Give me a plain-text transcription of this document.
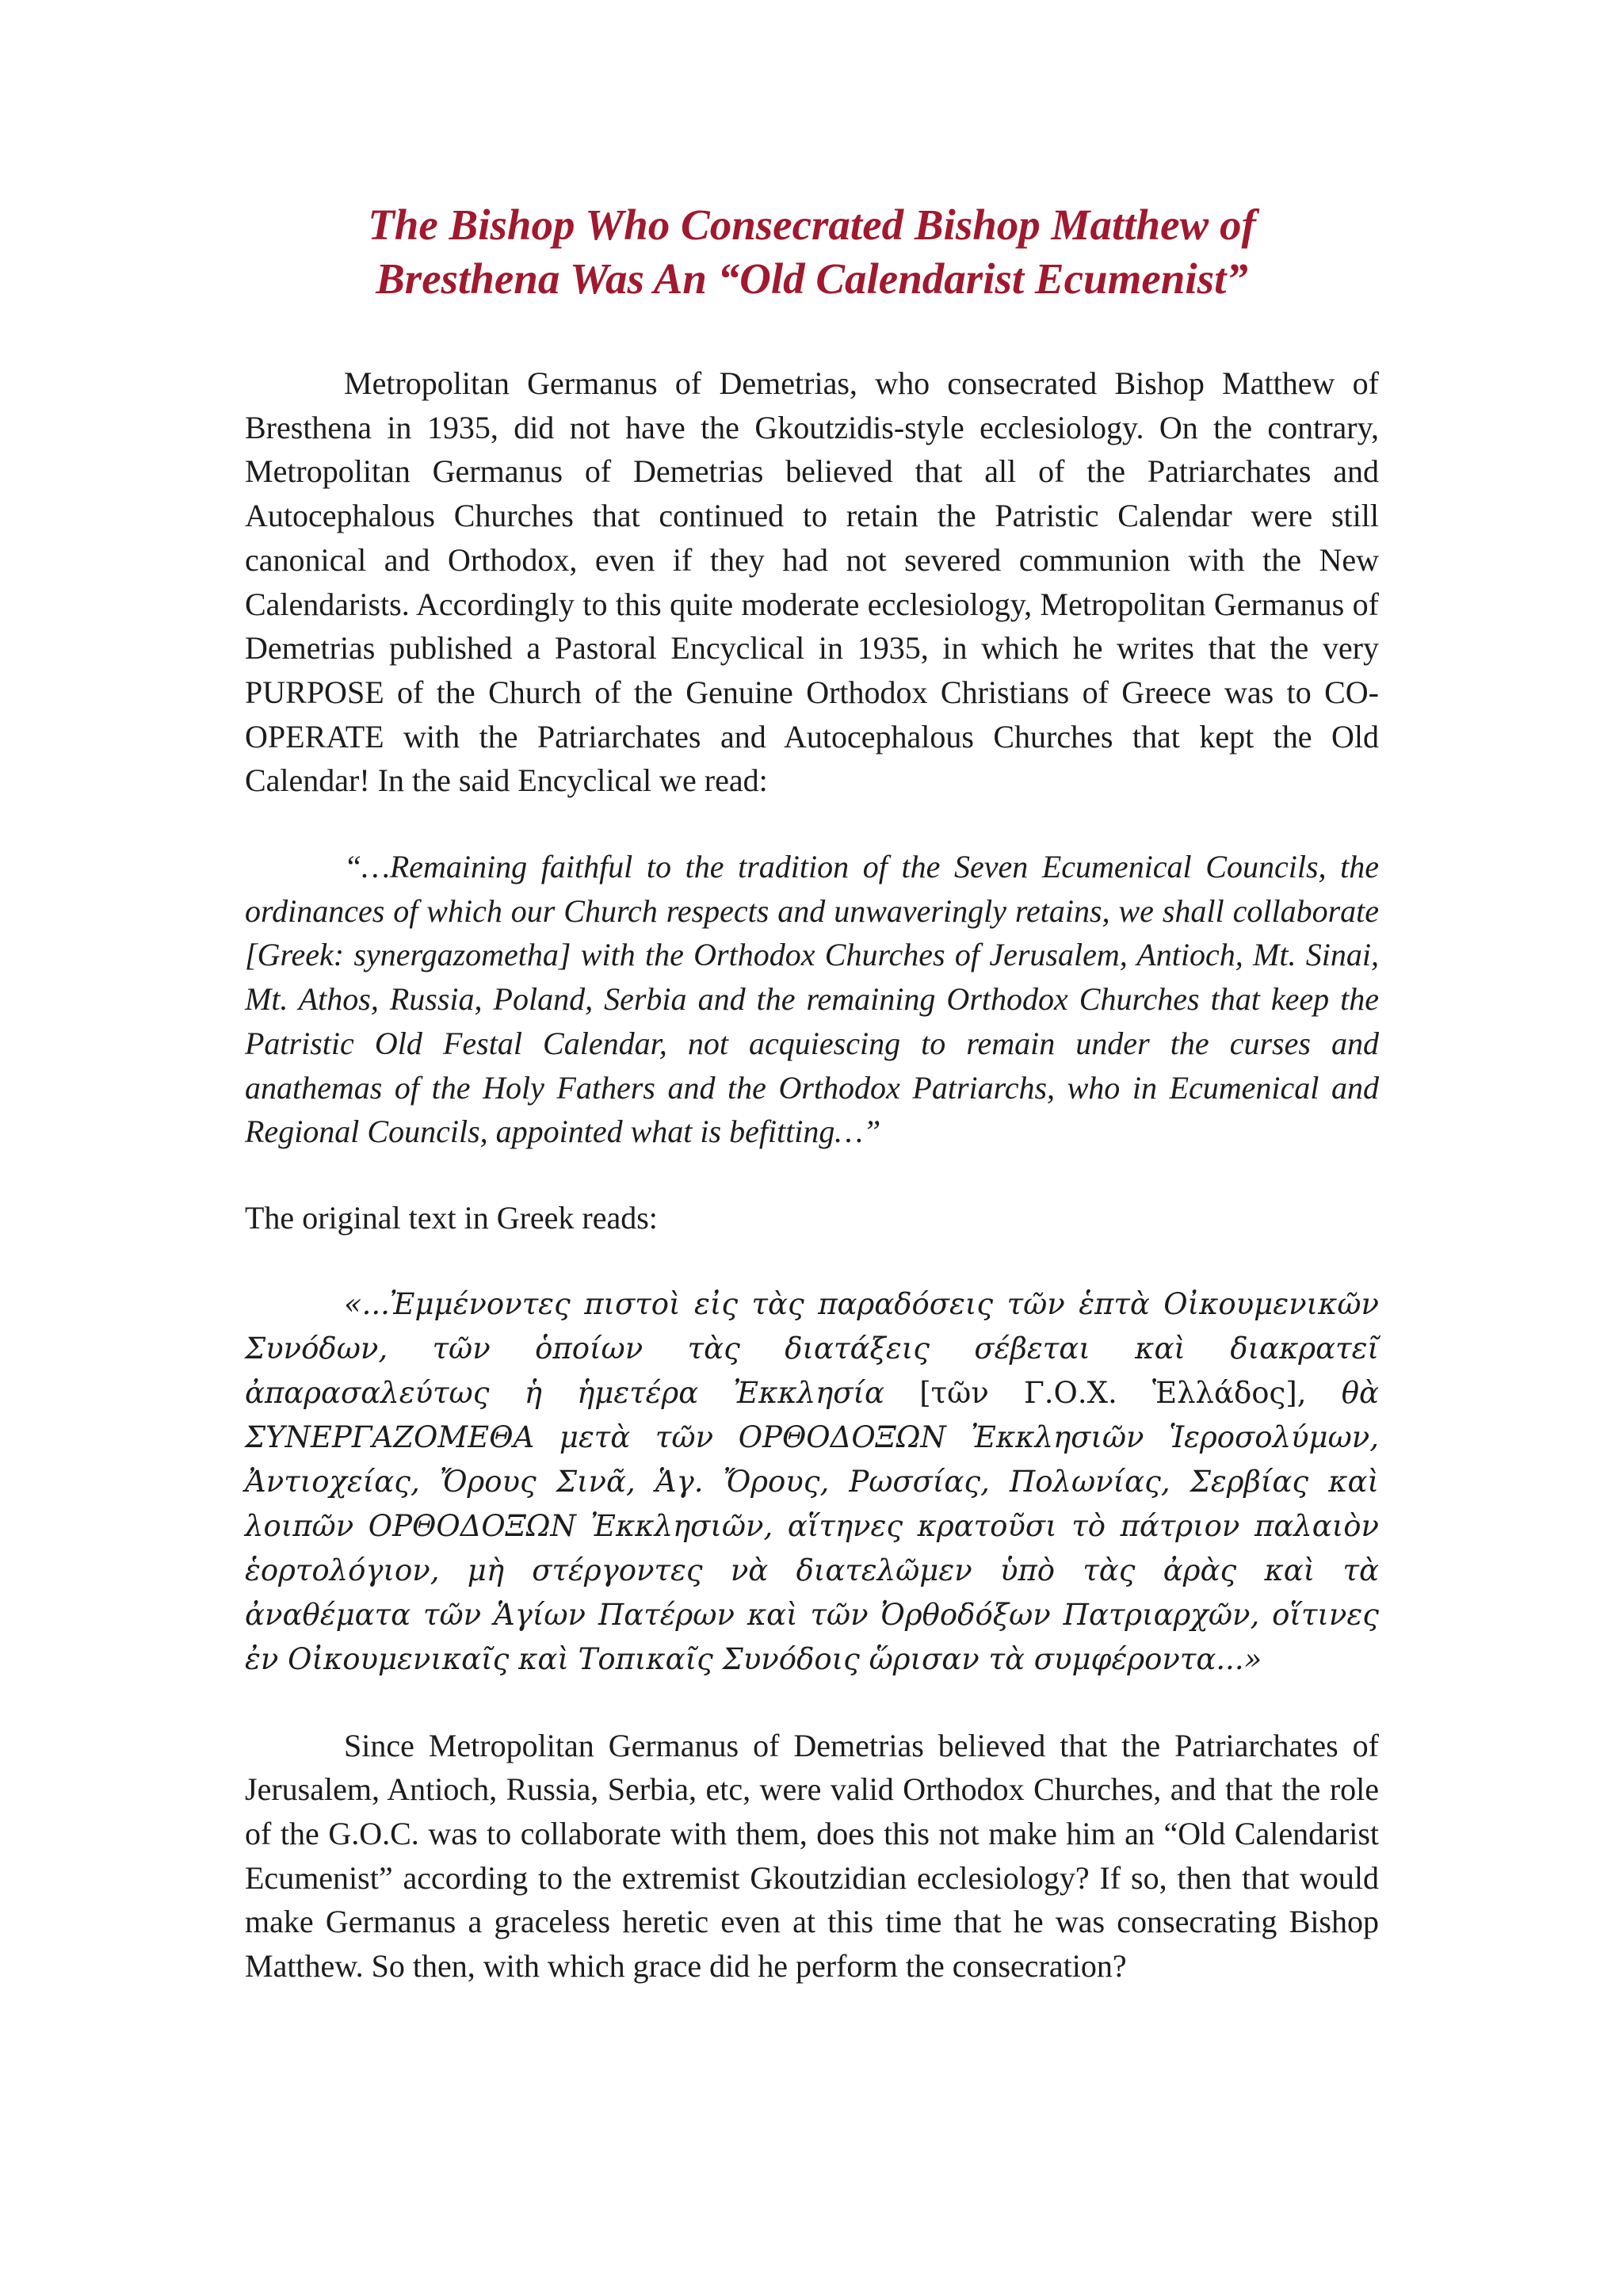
The Bishop Who Consecrated Bishop Matthew of
Bresthena Was An “Old Calendarist Ecumenist”

Metropolitan Germanus of Demetrias, who consecrated Bishop Matthew of Bresthena in 1935, did not have the Gkoutzidis-style ecclesiology. On the contrary, Metropolitan Germanus of Demetrias believed that all of the Patriarchates and Autocephalous Churches that continued to retain the Patristic Calendar were still canonical and Orthodox, even if they had not severed communion with the New Calendarists. Accordingly to this quite moderate ecclesiology, Metropolitan Germanus of Demetrias published a Pastoral Encyclical in 1935, in which he writes that the very PURPOSE of the Church of the Genuine Orthodox Christians of Greece was to CO-OPERATE with the Patriarchates and Autocephalous Churches that kept the Old Calendar! In the said Encyclical we read:

“…Remaining faithful to the tradition of the Seven Ecumenical Councils, the ordinances of which our Church respects and unwaveringly retains, we shall collaborate [Greek: synergazometha] with the Orthodox Churches of Jerusalem, Antioch, Mt. Sinai, Mt. Athos, Russia, Poland, Serbia and the remaining Orthodox Churches that keep the Patristic Old Festal Calendar, not acquiescing to remain under the curses and anathemas of the Holy Fathers and the Orthodox Patriarchs, who in Ecumenical and Regional Councils, appointed what is befitting…”

The original text in Greek reads:

«...Ἐμμένοντες πιστοὶ εἰς τὰς παραδόσεις τῶν ἑπτὰ Οἰκουμενικῶν Συνόδων, τῶν ὁποίων τὰς διατάξεις σέβεται καὶ διακρατεῖ ἀπαρασαλεύτως ἡ ἡμετέρα Ἐκκλησία [τῶν Γ.Ο.Χ. Ἑλλάδος], θὰ ΣΥΝΕΡΓΑΖΟΜΕΘΑ μετὰ τῶν ΟΡΘΟΔΟΞΩΝ Ἐκκλησιῶν Ἱεροσολύμων, Ἀντιοχείας, Ὄρους Σινᾶ, Ἁγ. Ὄρους, Ρωσσίας, Πολωνίας, Σερβίας καὶ λοιπῶν ΟΡΘΟΔΟΞΩΝ Ἐκκλησιῶν, αἵτηνες κρατοῦσι τὸ πάτριον παλαιὸν ἑορτολόγιον, μὴ στέργοντες νὰ διατελῶμεν ὑπὸ τὰς ἀρὰς καὶ τὰ ἀναθέματα τῶν Ἁγίων Πατέρων καὶ τῶν Ὀρθοδόξων Πατριαρχῶν, οἵτινες ἐν Οἰκουμενικαῖς καὶ Τοπικαῖς Συνόδοις ὥρισαν τὰ συμφέροντα...»

Since Metropolitan Germanus of Demetrias believed that the Patriarchates of Jerusalem, Antioch, Russia, Serbia, etc, were valid Orthodox Churches, and that the role of the G.O.C. was to collaborate with them, does this not make him an “Old Calendarist Ecumenist” according to the extremist Gkoutzidian ecclesiology? If so, then that would make Germanus a graceless heretic even at this time that he was consecrating Bishop Matthew. So then, with which grace did he perform the consecration?
